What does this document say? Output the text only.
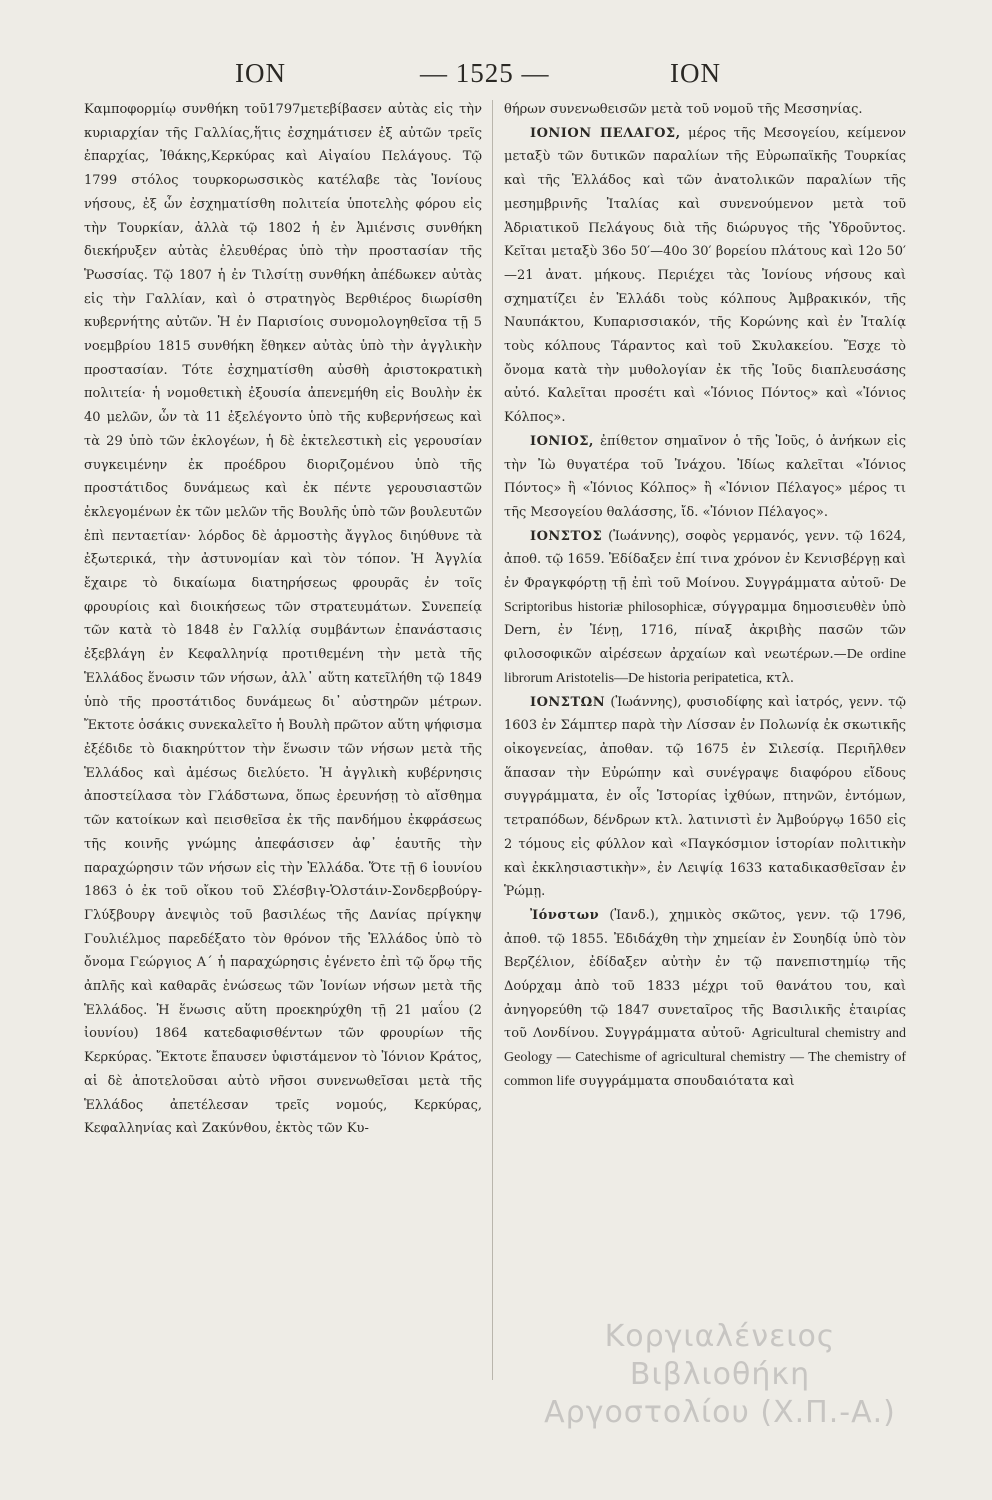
ΙΟΝ	— 1525 —	ΙΟΝ

Καμποφορμίῳ συνθήκη τοῦ1797μετεβίβασεν αὐτὰς εἰς τὴν κυριαρχίαν τῆς Γαλλίας,ἥτις ἐσχημάτισεν ἐξ αὐτῶν τρεῖς ἐπαρχίας, Ἰθάκης,Κερκύρας καὶ Αἰγαίου Πελάγους. Τῷ 1799 στόλος τουρκορωσσικὸς κατέλαβε τὰς Ἰονίους νήσους, ἐξ ὧν ἐσχηματίσθη πολιτεία ὑποτελὴς φόρου εἰς τὴν Τουρκίαν, ἀλλὰ τῷ 1802 ἡ ἐν Ἀμιένσις συνθήκη διεκήρυξεν αὐτὰς ἐλευθέρας ὑπὸ τὴν προστασίαν τῆς Ῥωσσίας. Τῷ 1807 ἡ ἐν Τιλσίτῃ συνθήκη ἀπέδωκεν αὐτὰς εἰς τὴν Γαλλίαν, καὶ ὁ στρατηγὸς Βερθιέρος διωρίσθη κυβερνήτης αὐτῶν. Ἡ ἐν Παρισίοις συνομολογηθεῖσα τῇ 5 νοεμβρίου 1815 συνθήκη ἔθηκεν αὐτὰς ὑπὸ τὴν ἀγγλικὴν προστασίαν. Τότε ἐσχηματίσθη αὐσθὴ ἀριστοκρατικὴ πολιτεία· ἡ νομοθετικὴ ἐξουσία ἀπενεμήθη εἰς Βουλὴν ἐκ 40 μελῶν, ὧν τὰ 11 ἐξελέγοντο ὑπὸ τῆς κυβερνήσεως καὶ τὰ 29 ὑπὸ τῶν ἐκλογέων, ἡ δὲ ἐκτελεστικὴ εἰς γερουσίαν συγκειμένην ἐκ προέδρου διοριζομένου ὑπὸ τῆς προστάτιδος δυνάμεως καὶ ἐκ πέντε γερουσιαστῶν ἐκλεγομένων ἐκ τῶν μελῶν τῆς Βουλῆς ὑπὸ τῶν βουλευτῶν ἐπὶ πενταετίαν· λόρδος δὲ ἁρμοστὴς ἄγγλος διηύθυνε τὰ ἐξωτερικά, τὴν ἀστυνομίαν καὶ τὸν τόπον. Ἡ Ἀγγλία ἔχαιρε τὸ δικαίωμα διατηρήσεως φρουρᾶς ἐν τοῖς φρουρίοις καὶ διοικήσεως τῶν στρατευμάτων. Συνεπείᾳ τῶν κατὰ τὸ 1848 ἐν Γαλλίᾳ συμβάντων ἐπανάστασις ἐξεβλάγη ἐν Κεφαλληνίᾳ προτιθεμένη τὴν μετὰ τῆς Ἑλλάδος ἕνωσιν τῶν νήσων, ἀλλ᾽ αὕτη κατεῖλήθη τῷ 1849 ὑπὸ τῆς προστάτιδος δυνάμεως δι᾽ αὐστηρῶν μέτρων. Ἔκτοτε ὁσάκις συνεκαλεῖτο ἡ Βουλὴ πρῶτον αὕτη ψήφισμα ἐξέδιδε τὸ διακηρύττον τὴν ἕνωσιν τῶν νήσων μετὰ τῆς Ἑλλάδος καὶ ἀμέσως διελύετο. Ἡ ἀγγλικὴ κυβέρνησις ἀποστείλασα τὸν Γλάδστωνα, ὅπως ἐρευνήσῃ τὸ αἴσθημα τῶν κατοίκων καὶ πεισθεῖσα ἐκ τῆς πανδήμου ἐκφράσεως τῆς κοινῆς γνώμης ἀπεφάσισεν ἀφ᾽ ἑαυτῆς τὴν παραχώρησιν τῶν νήσων εἰς τὴν Ἑλλάδα. Ὅτε τῇ 6 ἰουνίου 1863 ὁ ἐκ τοῦ οἴκου τοῦ Σλέσβιγ-Ὁλστάιν-Σονδερβούργ-Γλύξβουργ ἀνεψιὸς τοῦ βασιλέως τῆς Δανίας πρίγκηψ Γουλιέλμος παρεδέξατο τὸν θρόνον τῆς Ἑλλάδος ὑπὸ τὸ ὄνομα Γεώργιος Α΄ ἡ παραχώρησις ἐγένετο ἐπὶ τῷ ὅρῳ τῆς ἀπλῆς καὶ καθαρᾶς ἑνώσεως τῶν Ἰονίων νήσων μετὰ τῆς Ἑλλάδος. Ἡ ἕνωσις αὕτη προεκηρύχθη τῇ 21 μαΐου (2 ἰουνίου) 1864 κατεδαφισθέντων τῶν φρουρίων τῆς Κερκύρας. Ἔκτοτε ἔπαυσεν ὑφιστάμενον τὸ Ἰόνιον Κράτος, αἱ δὲ ἀποτελοῦσαι αὐτὸ νῆσοι συνενωθεῖσαι μετὰ τῆς Ἑλλάδος ἀπετέλεσαν τρεῖς νομούς, Κερκύρας, Κεφαλληνίας καὶ Ζακύνθου, ἐκτὸς τῶν Κυ-

θήρων συνενωθεισῶν μετὰ τοῦ νομοῦ τῆς Μεσσηνίας.

ΙΟΝΙΟΝ ΠΕΛΑΓΟΣ, μέρος τῆς Μεσογείου, κείμενον μεταξὺ τῶν δυτικῶν παραλίων τῆς Εὐρωπαϊκῆς Τουρκίας καὶ τῆς Ἑλλάδος καὶ τῶν ἀνατολικῶν παραλίων τῆς μεσημβρινῆς Ἰταλίας καὶ συνενούμενον μετὰ τοῦ Ἀδριατικοῦ Πελάγους διὰ τῆς διώρυγος τῆς Ὑδροῦντος. Κεῖται μεταξὺ 36ο 50′—40ο 30′ βορείου πλάτους καὶ 12ο 50′—21 ἀνατ. μήκους. Περιέχει τὰς Ἰονίους νήσους καὶ σχηματίζει ἐν Ἑλλάδι τοὺς κόλπους Ἀμβρακικόν, τῆς Ναυπάκτου, Κυπαρισσιακόν, τῆς Κορώνης καὶ ἐν Ἰταλίᾳ τοὺς κόλπους Τάραντος καὶ τοῦ Σκυλακείου. Ἔσχε τὸ ὄνομα κατὰ τὴν μυθολογίαν ἐκ τῆς Ἰοῦς διαπλευσάσης αὐτό. Καλεῖται προσέτι καὶ «Ἰόνιος Πόντος» καὶ «Ἰόνιος Κόλπος».

ΙΟΝΙΟΣ, ἐπίθετον σημαῖνον ὁ τῆς Ἰοῦς, ὁ ἀνήκων εἰς τὴν Ἰὼ θυγατέρα τοῦ Ἰνάχου. Ἰδίως καλεῖται «Ἰόνιος Πόντος» ἢ «Ἰόνιος Κόλπος» ἢ «Ἰόνιον Πέλαγος» μέρος τι τῆς Μεσογείου θαλάσσης, ἴδ. «Ἰόνιον Πέλαγος».

ΙΟΝΣΤΟΣ (Ἰωάννης), σοφὸς γερμανός, γενν. τῷ 1624, ἀποθ. τῷ 1659. Ἐδίδαξεν ἐπί τινα χρόνον ἐν Κενισβέργῃ καὶ ἐν Φραγκφόρτῃ τῇ ἐπὶ τοῦ Μοίνου. Συγγράμματα αὐτοῦ· De Scriptoribus historiæ philosophicæ, σύγγραμμα δημοσιευθὲν ὑπὸ Dern, ἐν Ἰένῃ, 1716, πίναξ ἀκριβὴς πασῶν τῶν φιλοσοφικῶν αἱρέσεων ἀρχαίων καὶ νεωτέρων.—De ordine librorum Aristotelis—De historia peripatetica, κτλ.

ΙΟΝΣΤΩΝ (Ἰωάννης), φυσιοδίφης καὶ ἰατρός, γενν. τῷ 1603 ἐν Σάμπτερ παρὰ τὴν Λίσσαν ἐν Πολωνίᾳ ἐκ σκωτικῆς οἰκογενείας, ἀποθαν. τῷ 1675 ἐν Σιλεσίᾳ. Περιῆλθεν ἅπασαν τὴν Εὐρώπην καὶ συνέγραψε διαφόρου εἴδους συγγράμματα, ἐν οἷς Ἱστορίας ἰχθύων, πτηνῶν, ἐντόμων, τετραπόδων, δένδρων κτλ. λατινιστὶ ἐν Ἀμβούργῳ 1650 εἰς 2 τόμους εἰς φύλλον καὶ «Παγκόσμιον ἱστορίαν πολιτικὴν καὶ ἐκκλησιαστικὴν», ἐν Λειψίᾳ 1633 καταδικασθεῖσαν ἐν Ῥώμῃ.

Ἰόνστων (Ἰανδ.), χημικὸς σκῶτος, γενν. τῷ 1796, ἀποθ. τῷ 1855. Ἐδιδάχθη τὴν χημείαν ἐν Σουηδίᾳ ὑπὸ τὸν Βερζέλιον, ἐδίδαξεν αὐτὴν ἐν τῷ πανεπιστημίῳ τῆς Δούρχαμ ἀπὸ τοῦ 1833 μέχρι τοῦ θανάτου του, καὶ ἀνηγορεύθη τῷ 1847 συνεταῖρος τῆς Βασιλικῆς ἑταιρίας τοῦ Λονδίνου. Συγγράμματα αὐτοῦ· Agricultural chemistry and Geology — Catechisme of agricultural chemistry — The chemistry of common life συγγράμματα σπουδαιότατα καὶ

Κοργιαλένειος Βιβλιοθήκη
Αργοστολίου (Χ.Π.-Α.)
